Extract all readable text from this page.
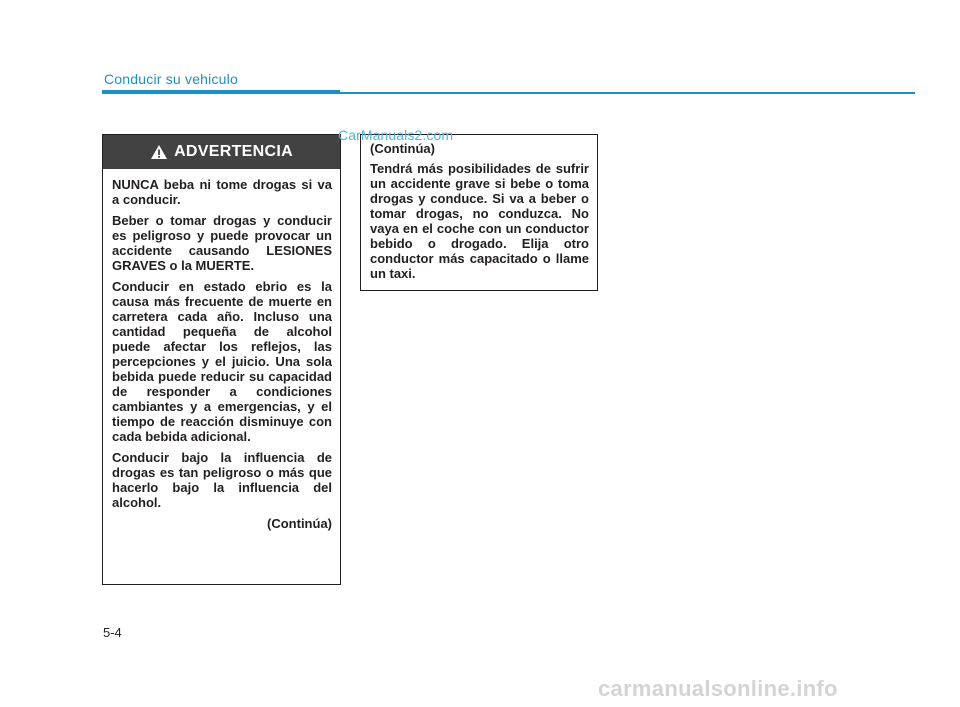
Conducir su vehiculo
ADVERTENCIA

NUNCA beba ni tome drogas si va a conducir.

Beber o tomar drogas y conducir es peligroso y puede provocar un accidente causando LESIONES GRAVES o la MUERTE.

Conducir en estado ebrio es la causa más frecuente de muerte en carretera cada año. Incluso una cantidad pequeña de alcohol puede afectar los reflejos, las percepciones y el juicio. Una sola bebida puede reducir su capacidad de responder a condiciones cambiantes y a emergencias, y el tiempo de reacción disminuye con cada bebida adicional.

Conducir bajo la influencia de drogas es tan peligroso o más que hacerlo bajo la influencia del alcohol.

(Continúa)

(Continúa)

Tendrá más posibilidades de sufrir un accidente grave si bebe o toma drogas y conduce. Si va a beber o tomar drogas, no conduzca. No vaya en el coche con un conductor bebido o drogado. Elija otro conductor más capacitado o llame un taxi.

CarManuals2.com
5-4
carmanualsonline.info
